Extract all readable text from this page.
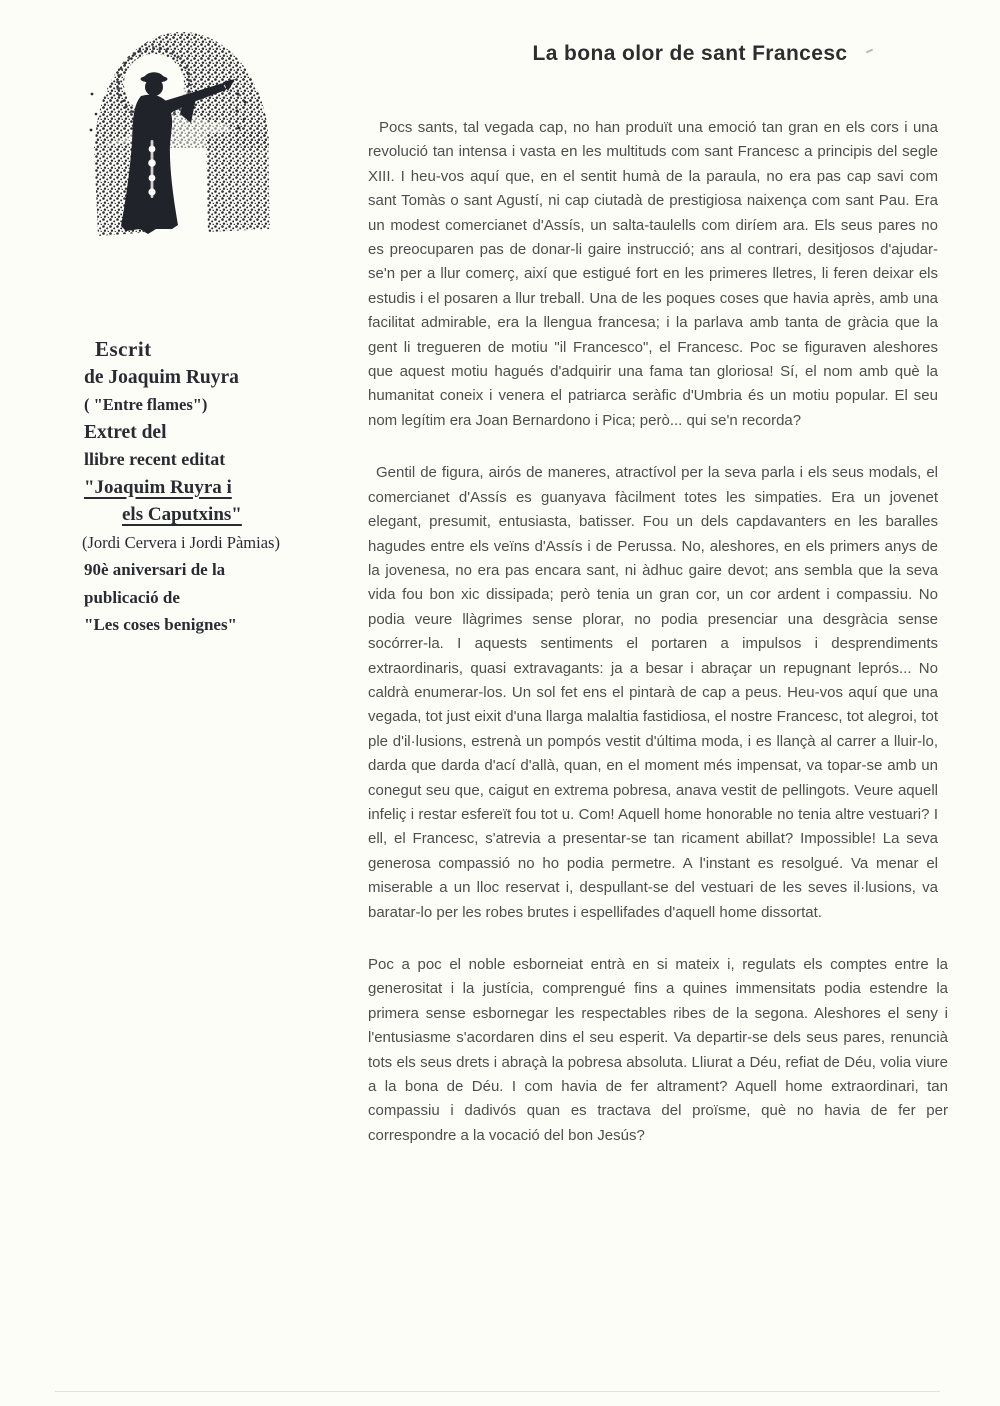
La bona olor de sant Francesc
Escrit
de Joaquim Ruyra
( "Entre flames")
Extret del
llibre recent editat
"Joaquim Ruyra i
els Caputxins"
(Jordi Cervera i Jordi Pàmias)
90è aniversari de la
publicació de
"Les coses benignes"

Pocs sants, tal vegada cap, no han produït una emoció tan gran en els cors i una revolució tan intensa i vasta en les multituds com sant Francesc a principis del segle XIII. I heu-vos aquí que, en el sentit humà de la paraula, no era pas cap savi com sant Tomàs o sant Agustí, ni cap ciutadà de prestigiosa naixença com sant Pau. Era un modest comercianet d'Assís, un salta-taulells com diríem ara. Els seus pares no es preocuparen pas de donar-li gaire instrucció; ans al contrari, desitjosos d'ajudar-se'n per a llur comerç, així que estigué fort en les primeres lletres, li feren deixar els estudis i el posaren a llur treball. Una de les poques coses que havia après, amb una facilitat admirable, era la llengua francesa; i la parlava amb tanta de gràcia que la gent li tregueren de motiu "il Francesco", el Francesc. Poc se figuraven aleshores que aquest motiu hagués d'adquirir una fama tan gloriosa! Sí, el nom amb què la humanitat coneix i venera el patriarca seràfic d'Umbria és un motiu popular. El seu nom legítim era Joan Bernardono i Pica; però... qui se'n recorda?

Gentil de figura, airós de maneres, atractívol per la seva parla i els seus modals, el comercianet d'Assís es guanyava fàcilment totes les simpaties. Era un jovenet elegant, presumit, entusiasta, batisser. Fou un dels capdavanters en les baralles hagudes entre els veïns d'Assís i de Perussa. No, aleshores, en els primers anys de la jovenesa, no era pas encara sant, ni àdhuc gaire devot; ans sembla que la seva vida fou bon xic dissipada; però tenia un gran cor, un cor ardent i compassiu. No podia veure llàgrimes sense plorar, no podia presenciar una desgràcia sense socórrer-la. I aquests sentiments el portaren a impulsos i desprendiments extraordinaris, quasi extravagants: ja a besar i abraçar un repugnant leprós... No caldrà enumerar-los. Un sol fet ens el pintarà de cap a peus. Heu-vos aquí que una vegada, tot just eixit d'una llarga malaltia fastidiosa, el nostre Francesc, tot alegroi, tot ple d'il·lusions, estrenà un pompós vestit d'última moda, i es llançà al carrer a lluir-lo, darda que darda d'ací d'allà, quan, en el moment més impensat, va topar-se amb un conegut seu que, caigut en extrema pobresa, anava vestit de pellingots. Veure aquell infeliç i restar esfereït fou tot u. Com! Aquell home honorable no tenia altre vestuari? I ell, el Francesc, s'atrevia a presentar-se tan ricament abillat? Impossible! La seva generosa compassió no ho podia permetre. A l'instant es resolgué. Va menar el miserable a un lloc reservat i, despullant-se del vestuari de les seves il·lusions, va baratar-lo per les robes brutes i espellifades d'aquell home dissortat.

Poc a poc el noble esborneiat entrà en si mateix i, regulats els comptes entre la generositat i la justícia, comprengué fins a quines immensitats podia estendre la primera sense esbornegar les respectables ribes de la segona. Aleshores el seny i l'entusiasme s'acordaren dins el seu esperit. Va departir-se dels seus pares, renuncià tots els seus drets i abraçà la pobresa absoluta. Lliurat a Déu, refiat de Déu, volia viure a la bona de Déu. I com havia de fer altrament? Aquell home extraordinari, tan compassiu i dadivós quan es tractava del proïsme, què no havia de fer per correspondre a la vocació del bon Jesús?
